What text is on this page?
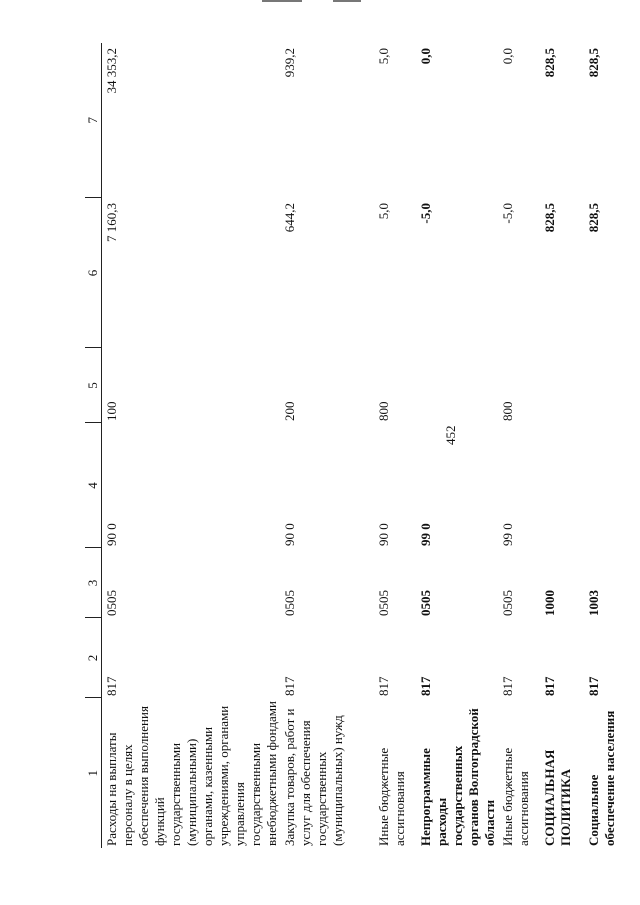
452
1	2	3	4	5	6	7
Расходы на выплаты персоналу в целях обеспечения выполнения функций государственными (муниципальными) органами, казенными учреждениями, органами управления государственными внебюджетными фондами	817	0505	90 0	100	7 160,3	34 353,2
Закупка товаров, работ и услуг для обеспечения государственных (муниципальных) нужд	817	0505	90 0	200	644,2	939,2
Иные бюджетные ассигнования	817	0505	90 0	800	5,0	5,0
Непрограммные расходы государственных органов Волгоградской области	817	0505	99 0		-5,0	0,0
Иные бюджетные ассигнования	817	0505	99 0	800	-5,0	0,0
СОЦИАЛЬНАЯ ПОЛИТИКА	817	1000			828,5	828,5
Социальное обеспечение населения	817	1003			828,5	828,5
